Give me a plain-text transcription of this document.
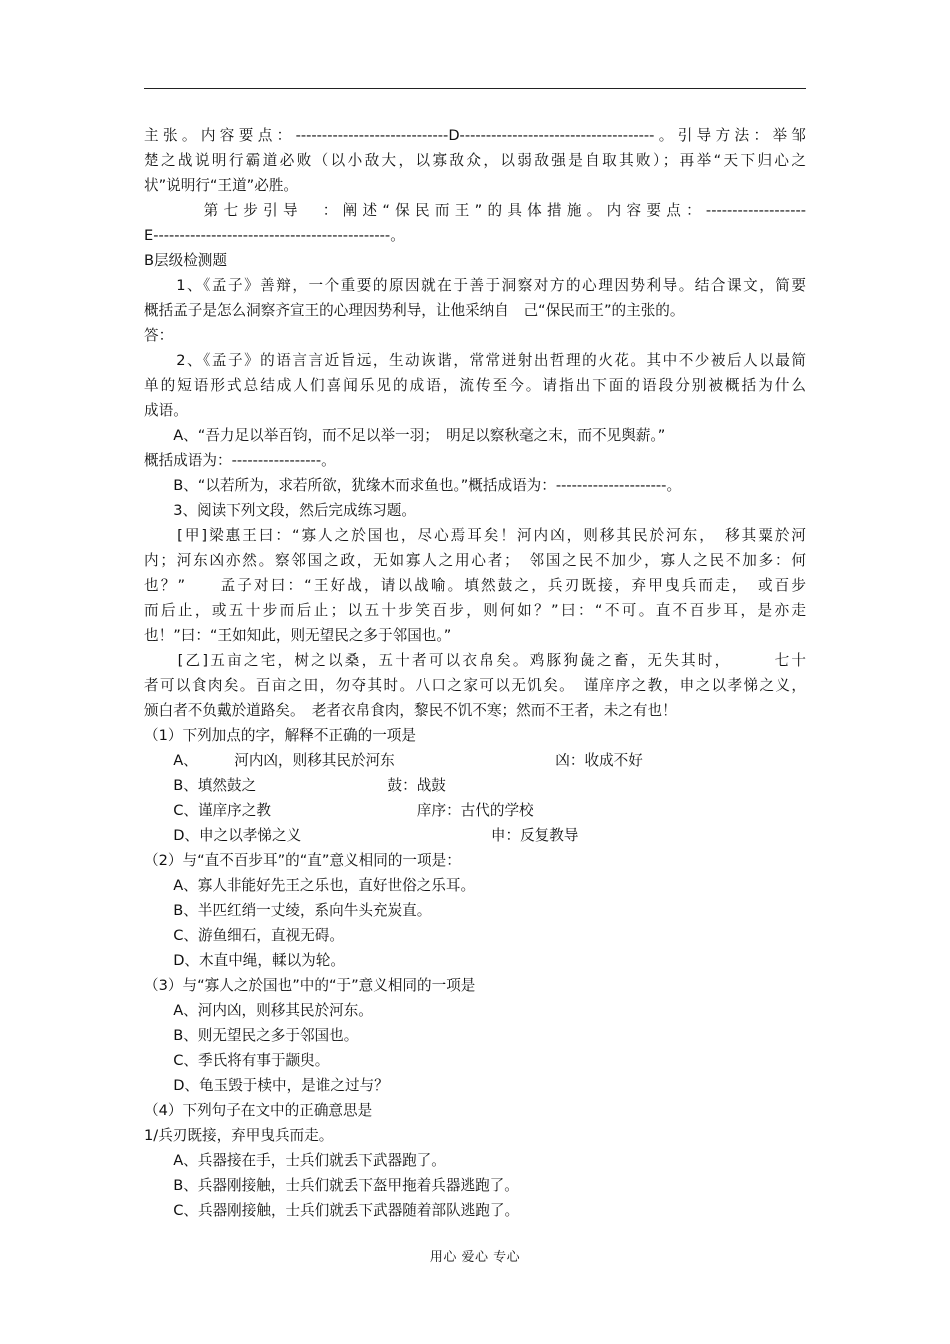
主张。内容要点：-----------------------------D-------------------------------------。引导方法：举邹
楚之战说明行霸道必败（以小敌大，以寡敌众，以弱敌强是自取其败）；再举“天下归心之
状”说明行“王道”必胜。
　　　第七步引导　：阐述“保民而王”的具体措施。内容要点：-------------------
E---------------------------------------------。
B层级检测题
　　1、《孟子》善辩，一个重要的原因就在于善于洞察对方的心理因势利导。结合课文，简要
概括孟子是怎么洞察齐宣王的心理因势利导，让他采纳自　己“保民而王”的主张的。
答：
　　2、《孟子》的语言言近旨远，生动诙谐，常常迸射出哲理的火花。其中不少被后人以最简
单的短语形式总结成人们喜闻乐见的成语，流传至今。请指出下面的语段分别被概括为什么
成语。
　　A、“吾力足以举百钧，而不足以举一羽；　明足以察秋毫之末，而不见舆薪。”
概括成语为：-----------------。
　　B、“以若所为，求若所欲，犹缘木而求鱼也。”概括成语为：---------------------。
　　3、阅读下列文段，然后完成练习题。
　　[甲]梁惠王曰：“寡人之於国也，尽心焉耳矣！河内凶，则移其民於河东，　移其粟於河
内；河东凶亦然。察邻国之政，无如寡人之用心者；　邻国之民不加少，寡人之民不加多：何
也？”　　孟子对曰：“王好战，请以战喻。填然鼓之，兵刃既接，弃甲曳兵而走，　或百步
而后止，或五十步而后止；以五十步笑百步，则何如？”曰：“不可。直不百步耳，是亦走
也！”曰：“王如知此，则无望民之多于邻国也。”
　　[乙]五亩之宅，树之以桑，五十者可以衣帛矣。鸡豚狗彘之畜，无失其时，　　　七十
者可以食肉矣。百亩之田，勿夺其时。八口之家可以无饥矣。　谨庠序之教，申之以孝悌之义，
颁白者不负戴於道路矣。　老者衣帛食肉，黎民不饥不寒；然而不王者，未之有也！
（1）下列加点的字，解释不正确的一项是
　　A、　　　河内凶，则移其民於河东　　　　　　　　　　　凶：收成不好
　　B、填然鼓之　　　　　　　　　鼓：战鼓
　　C、谨庠序之教　　　　　　　　　　庠序：古代的学校
　　D、申之以孝悌之义　　　　　　　　　　　　　申：反复教导
（2）与“直不百步耳”的“直”意义相同的一项是：
　　A、寡人非能好先王之乐也，直好世俗之乐耳。
　　B、半匹红绡一丈绫，系向牛头充炭直。
　　C、游鱼细石，直视无碍。
　　D、木直中绳，輮以为轮。
（3）与“寡人之於国也”中的“于”意义相同的一项是
　　A、河内凶，则移其民於河东。
　　B、则无望民之多于邻国也。
　　C、季氏将有事于颛臾。
　　D、龟玉毁于椟中，是谁之过与？
（4）下列句子在文中的正确意思是
1/兵刃既接，弃甲曳兵而走。
　　A、兵器接在手，士兵们就丢下武器跑了。
　　B、兵器刚接触，士兵们就丢下盔甲拖着兵器逃跑了。
　　C、兵器刚接触，士兵们就丢下武器随着部队逃跑了。
用心 爱心 专心
